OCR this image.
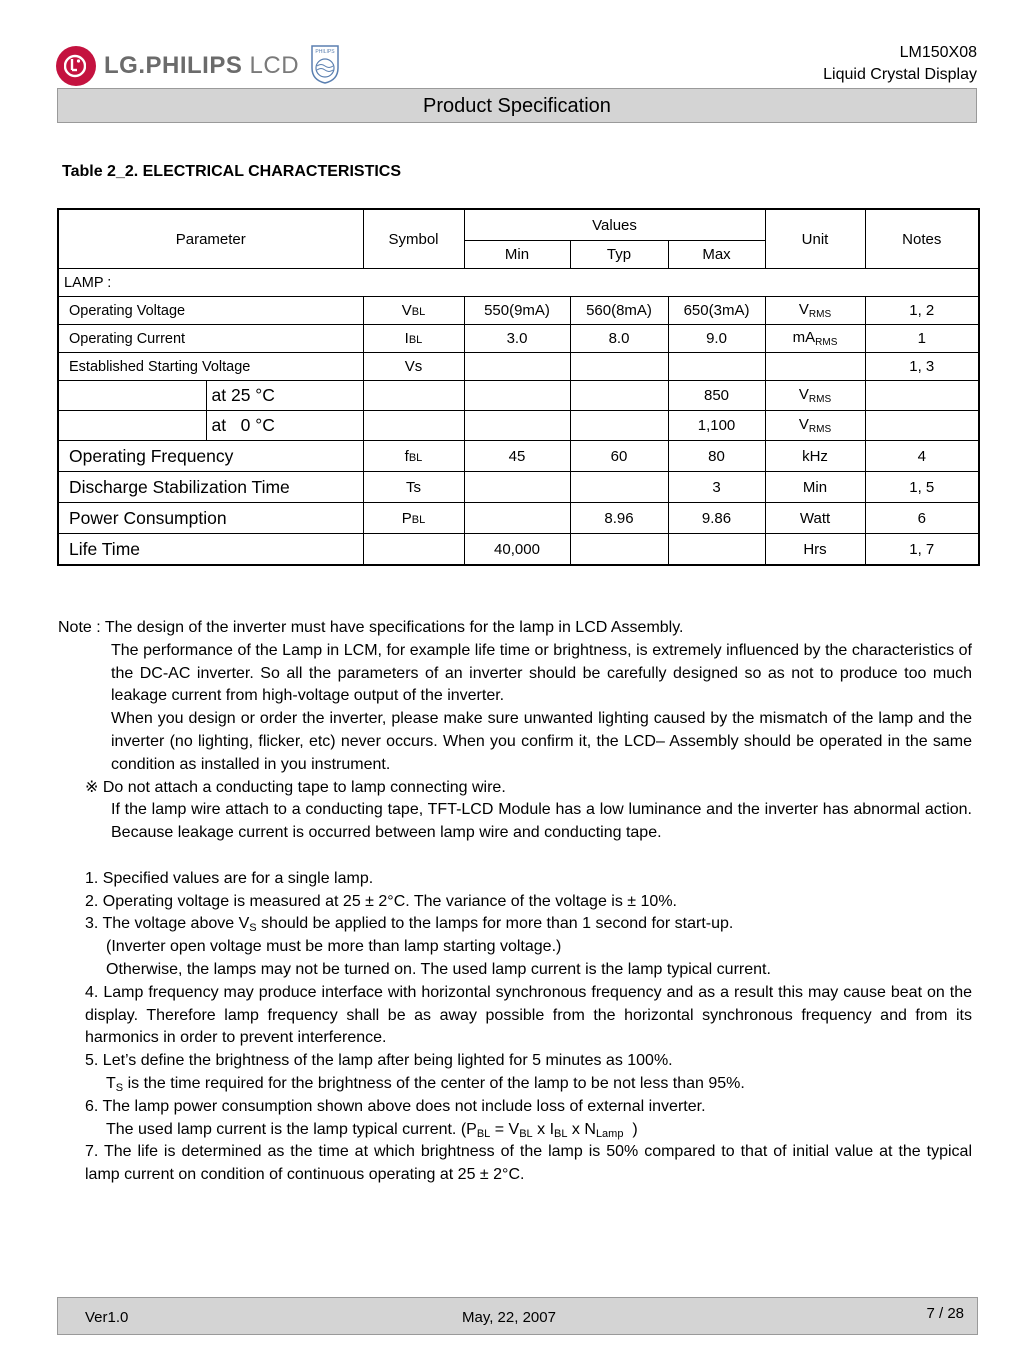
LG.PHILIPS LCD	PHILIPS	LM150X08
Liquid Crystal Display
Product Specification
Table 2_2. ELECTRICAL CHARACTERISTICS
Parameter		Symbol	Values			Unit	Notes
			Min	Typ	Max		
LAMP :							
Operating Voltage		VBL	550(9mA)	560(8mA)	650(3mA)	$V_{RMS}$	1, 2
Operating Current		IBL	3.0	8.0	9.0	$mA_{RMS}$	1
Established Starting Voltage		Vs					1, 3
	at 25 °C				850	$V_{RMS}$	
	at   0 °C				1,100	$V_{RMS}$	
Operating Frequency		fBL	45	60	80	kHz	4
Discharge Stabilization Time		Ts			3	Min	1, 5
Power Consumption		PBL		8.96	9.86	Watt	6
Life Time			40,000			Hrs	1, 7

Note : The design of the inverter must have specifications for the lamp in LCD Assembly.

The performance of the Lamp in LCM, for example life time or brightness, is extremely influenced by the characteristics of the DC-AC inverter. So all the parameters of an inverter should be carefully designed so as not to produce too much leakage current from high-voltage output of the inverter.

When you design or order the inverter, please make sure unwanted lighting caused by the mismatch of the lamp and the inverter (no lighting, flicker, etc) never occurs. When you confirm it, the LCD– Assembly should be operated in the same condition as installed in you instrument.

※ Do not attach a conducting tape to lamp connecting wire.

If the lamp wire attach to a conducting tape, TFT-LCD Module has a low luminance and the inverter has abnormal action. Because leakage current is occurred between lamp wire and conducting tape.

1. Specified values are for a single lamp.

2. Operating voltage is measured at 25 ± 2°C. The variance of the voltage is ± 10%.

3. The voltage above $V_S$ should be applied to the lamps for more than 1 second for start-up.

(Inverter open voltage must be more than lamp starting voltage.)

Otherwise, the lamps may not be turned on. The used lamp current is the lamp typical current.

4. Lamp frequency may produce interface with horizontal synchronous frequency and as a result this may cause beat on the display. Therefore lamp frequency shall be as away possible from the horizontal synchronous frequency and from its harmonics in order to prevent interference.

5. Let’s define the brightness of the lamp after being lighted for 5 minutes as 100%.

$T_S$ is the time required for the brightness of the center of the lamp to be not less than 95%.

6. The lamp power consumption shown above does not include loss of external inverter.

The used lamp current is the lamp typical current. ($P_{BL} = V_{BL}$ x $I_{BL}$ x $N_{Lamp}$  )

7. The life is determined as the time at which brightness of the lamp is 50% compared to that of initial value at the typical lamp current on condition of continuous operating at 25 ± 2°C.

Ver1.0	May, 22, 2007	7 / 28
